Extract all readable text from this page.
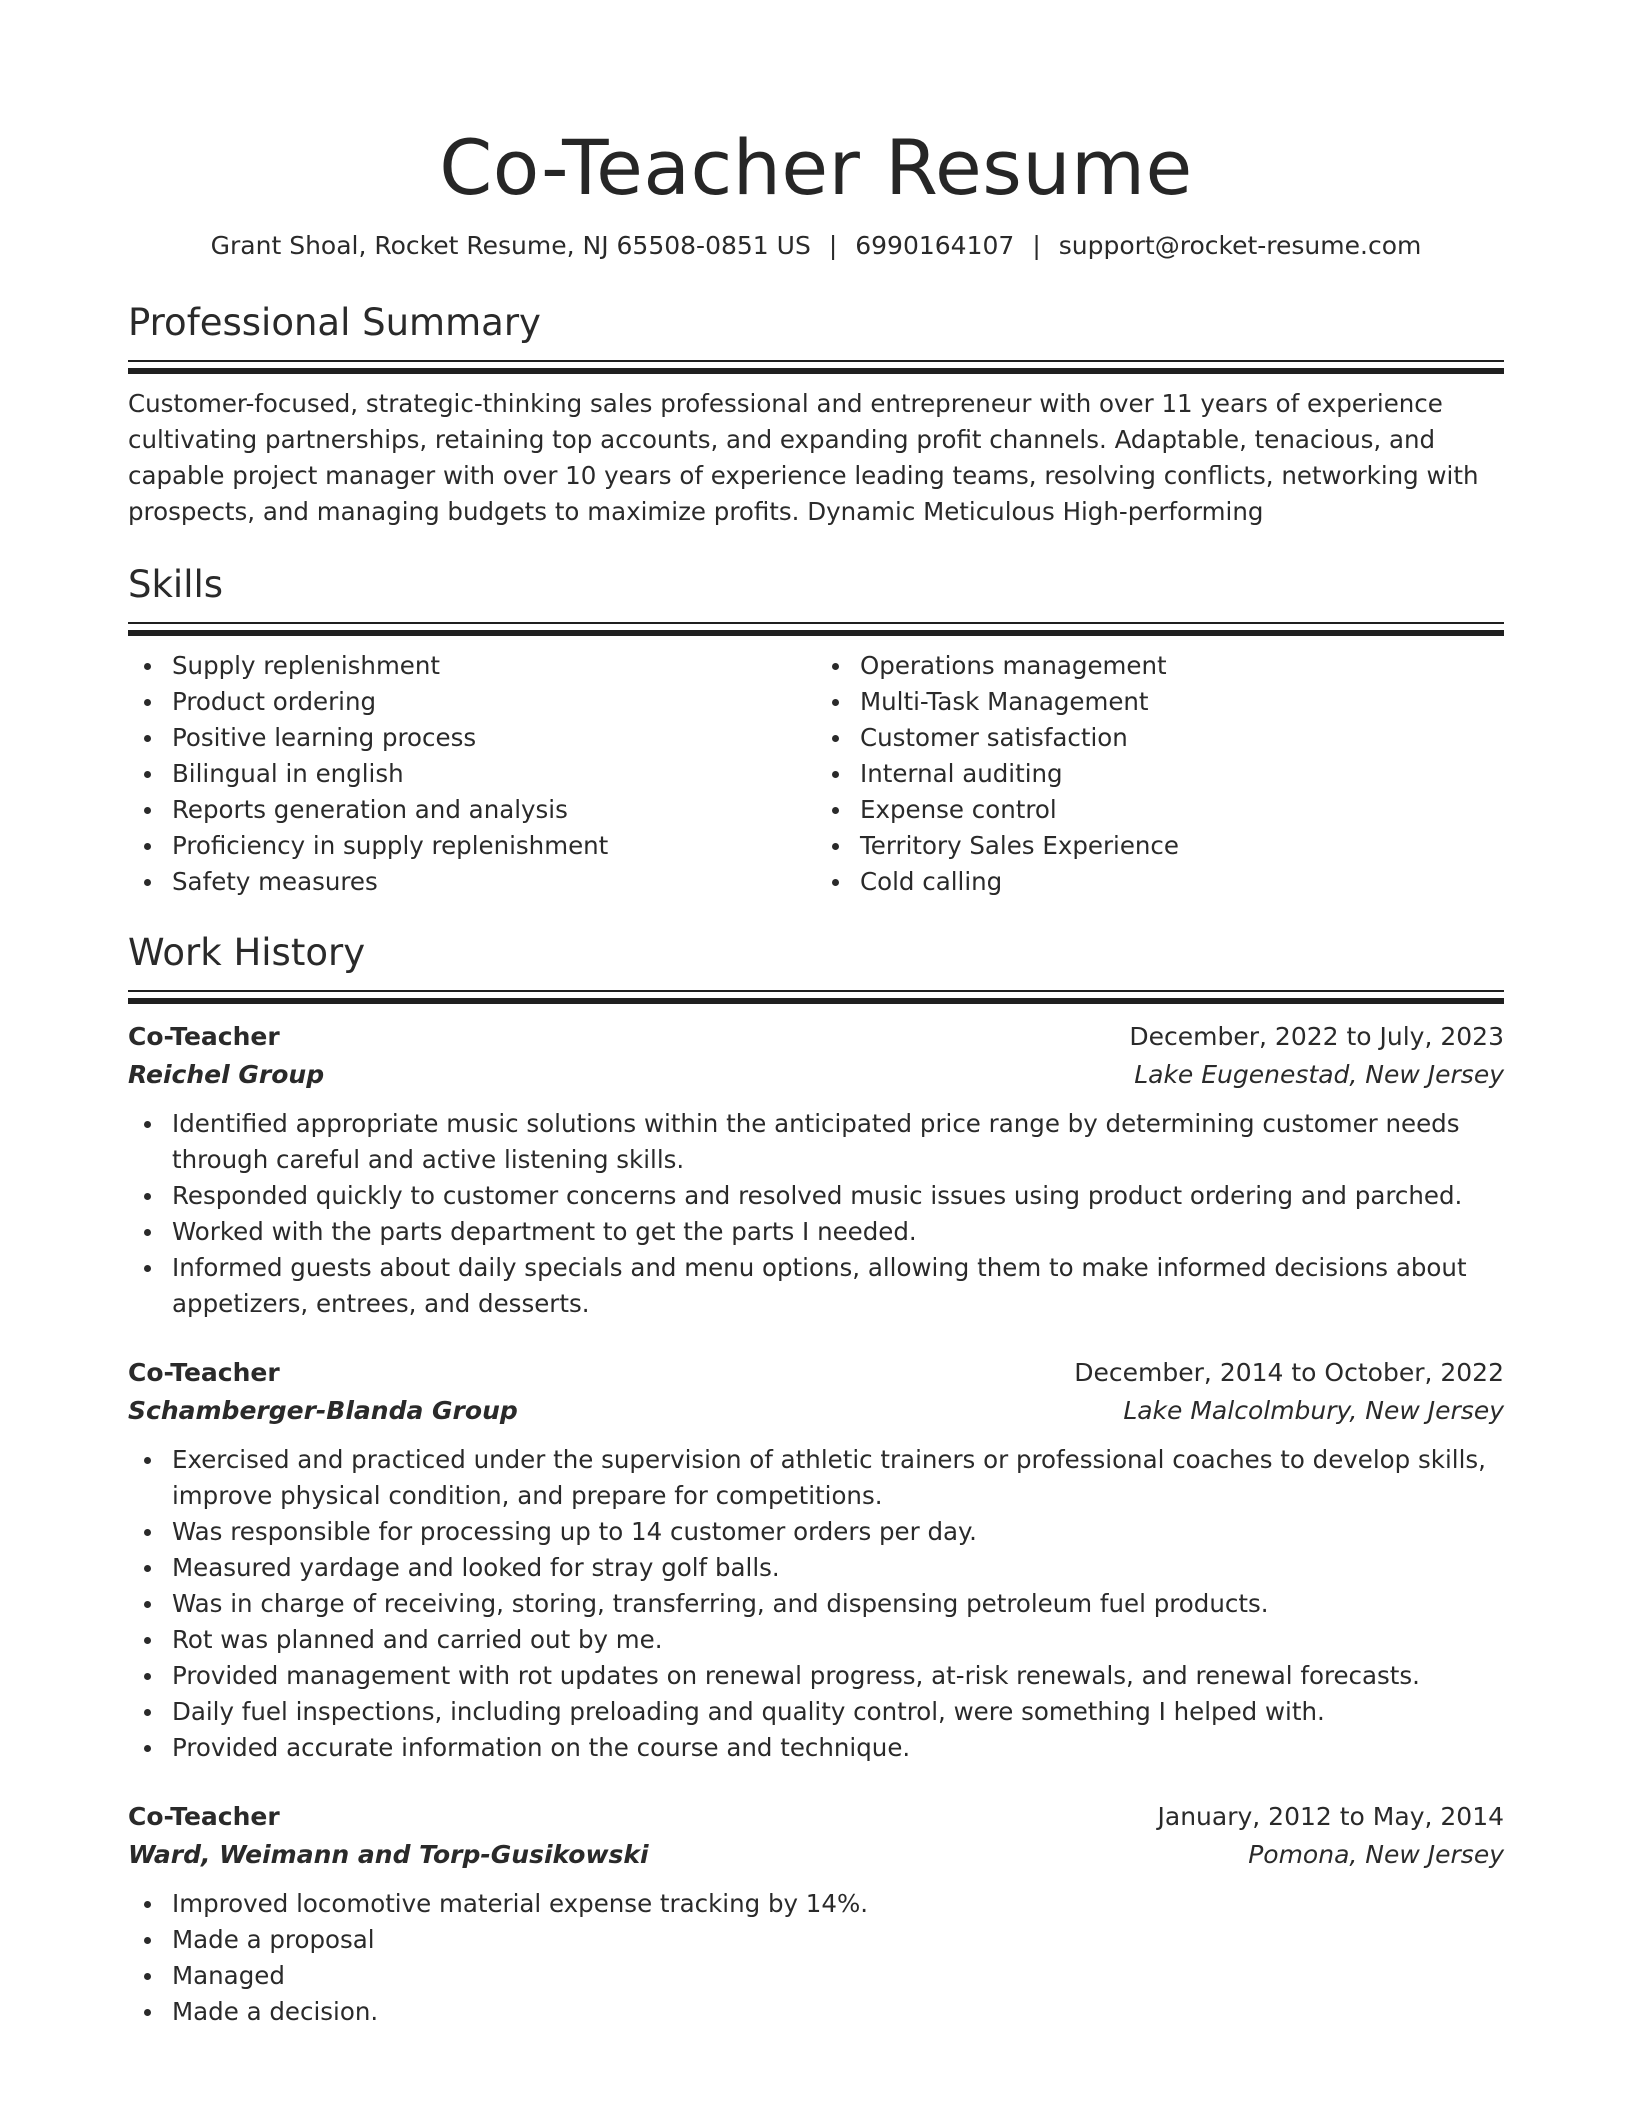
Co-Teacher Resume
Grant Shoal, Rocket Resume, NJ 65508-0851 US | 6990164107 | support@rocket-resume.com
Professional Summary

Customer-focused, strategic-thinking sales professional and entrepreneur with over 11 years of experience cultivating partnerships, retaining top accounts, and expanding profit channels. Adaptable, tenacious, and capable project manager with over 10 years of experience leading teams, resolving conflicts, networking with prospects, and managing budgets to maximize profits. Dynamic Meticulous High-performing

Skills
Supply replenishment
Product ordering
Positive learning process
Bilingual in english
Reports generation and analysis
Proficiency in supply replenishment
Safety measures
Operations management
Multi-Task Management
Customer satisfaction
Internal auditing
Expense control
Territory Sales Experience
Cold calling
Work History
Co-Teacher	December, 2022 to July, 2023
Reichel Group	Lake Eugenestad, New Jersey
Identified appropriate music solutions within the anticipated price range by determining customer needs through careful and active listening skills.
Responded quickly to customer concerns and resolved music issues using product ordering and parched.
Worked with the parts department to get the parts I needed.
Informed guests about daily specials and menu options, allowing them to make informed decisions about appetizers, entrees, and desserts.
Co-Teacher	December, 2014 to October, 2022
Schamberger-Blanda Group	Lake Malcolmbury, New Jersey
Exercised and practiced under the supervision of athletic trainers or professional coaches to develop skills, improve physical condition, and prepare for competitions.
Was responsible for processing up to 14 customer orders per day.
Measured yardage and looked for stray golf balls.
Was in charge of receiving, storing, transferring, and dispensing petroleum fuel products.
Rot was planned and carried out by me.
Provided management with rot updates on renewal progress, at-risk renewals, and renewal forecasts.
Daily fuel inspections, including preloading and quality control, were something I helped with.
Provided accurate information on the course and technique.
Co-Teacher	January, 2012 to May, 2014
Ward, Weimann and Torp-Gusikowski	Pomona, New Jersey
Improved locomotive material expense tracking by 14%.
Made a proposal
Managed
Made a decision.
